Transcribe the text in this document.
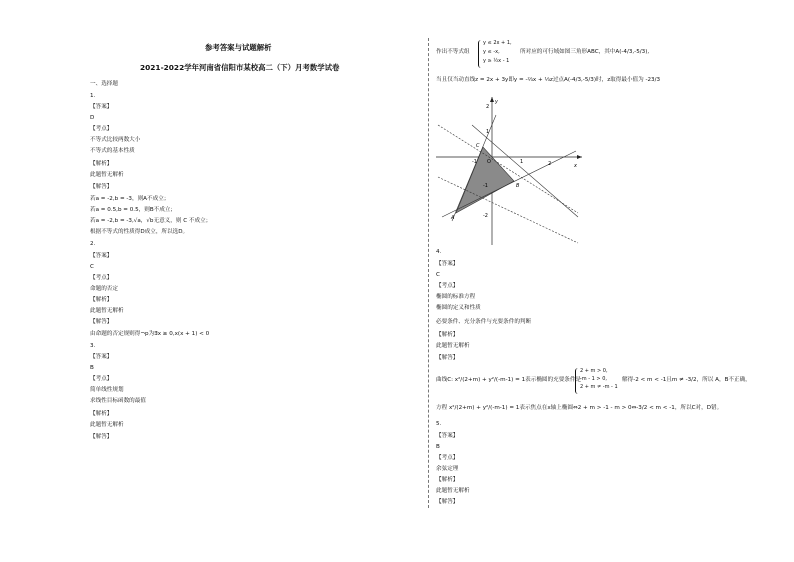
参考答案与试题解析
2021-2022学年河南省信阳市某校高二（下）月考数学试卷
一、选择题
1.
【答案】
D
【考点】
不等式比较两数大小
不等式的基本性质
【解析】
此题暂无解析
【解答】
若a = -2,b = -3，则A不成立；
若a = 0.5,b = 0.5，则B不成立；
若a = -2,b = -3,√a，√b无意义，则 C 不成立；
根据不等式的性质得D成立，所以选D。
2.
【答案】
C
【考点】
命题的否定
【解析】
此题暂无解析
【解答】
由命题的否定规则得¬p为∃x ≥ 0,x(x + 1) < 0
3.
【答案】
B
【考点】
简单线性规划
求线性目标函数的最值
【解析】
此题暂无解析
【解答】
作出不等式组
y ≤ 2x + 1,
y ≤ -x,
y ≥ ½x - 1
所对应的可行域如图三角形ABC，其中A(-4/3,-5/3),
当且仅当动直线z = 2x + 3y即y = -⅔x + ⅓z过点A(-4/3,-5/3)时，z取得最小值为 -23/3
-1	1	2
2
1
-1
-2
O
x
y
A
B
C
4.
【答案】
C
【考点】
椭圆的标准方程
椭圆的定义和性质
必要条件、充分条件与充要条件的判断
【解析】
此题暂无解析
【解答】
曲线C: x²/(2+m) + y²/(-m-1) = 1表示椭圆的充要条件是
2 + m > 0,
-m - 1 > 0,
2 + m ≠ -m - 1
解得-2 < m < -1且m ≠ -3/2，所以 A，B不正确，
方程 x²/(2+m) + y²/(-m-1) = 1表示焦点在x轴上椭圆⇔2 + m > -1 - m > 0⇔-3/2 < m < -1，所以C对，D错。
5.
【答案】
B
【考点】
余弦定理
【解析】
此题暂无解析
【解答】
